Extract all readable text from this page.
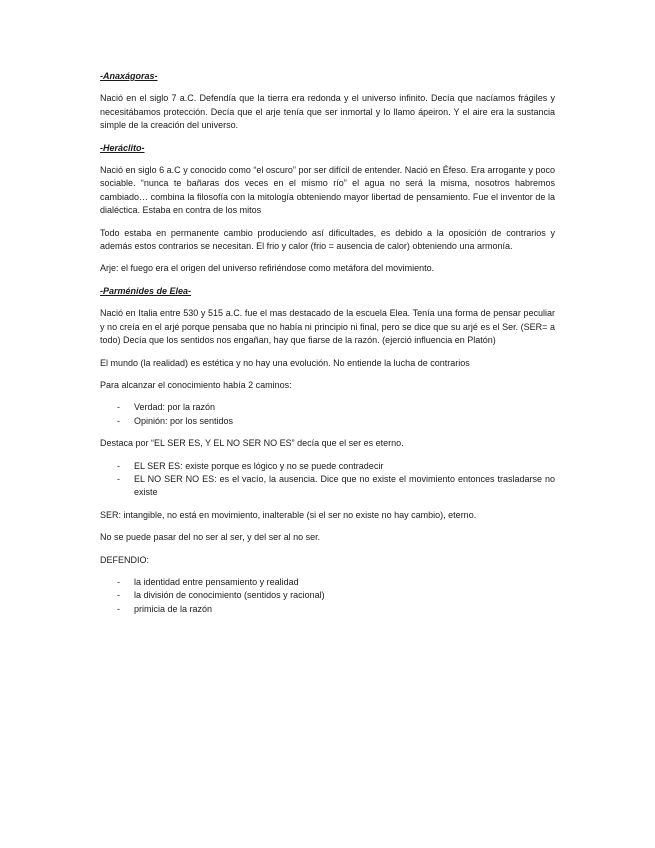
-Anaxágoras-

Nació en el siglo 7 a.C. Defendía que la tierra era redonda y el universo infinito. Decía que nacíamos frágiles y necesitábamos protección. Decía que el arje tenía que ser inmortal y lo llamo ápeiron. Y el aire era la sustancia simple de la creación del universo.

-Heráclito-

Nació en siglo 6 a.C y conocido como “el oscuro” por ser difícil de entender. Nació en Éfeso. Era arrogante y poco sociable. “nunca te bañaras dos veces en el mismo río” el agua no será la misma, nosotros habremos cambiado… combina la filosofía con la mitología obteniendo mayor libertad de pensamiento. Fue el inventor de la dialéctica. Estaba en contra de los mitos

Todo estaba en permanente cambio produciendo así dificultades, es debido a la oposición de contrarios y además estos contrarios se necesitan. El frio y calor (frio = ausencia de calor) obteniendo una armonía.

Arje: el fuego era el origen del universo refiriéndose como metáfora del movimiento.

-Parménides de Elea-

Nació en Italia entre 530 y 515 a.C. fue el mas destacado de la escuela Elea. Tenía una forma de pensar peculiar y no creía en el arjé porque pensaba que no había ni principio ni final, pero se dice que su arjé es el Ser. (SER= a todo) Decía que los sentidos nos engañan, hay que fiarse de la razón. (ejerció influencia en Platón)

El mundo (la realidad) es estética y no hay una evolución. No entiende la lucha de contrarios

Para alcanzar el conocimiento había 2 caminos:

- Verdad: por la razón
- Opinión: por los sentidos

Destaca por “EL SER ES, Y EL NO SER NO ES” decía que el ser es eterno.

- EL SER ES: existe porque es lógico y no se puede contradecir
- EL NO SER NO ES: es el vacío, la ausencia. Dice que no existe el movimiento entonces trasladarse no existe

SER: intangible, no está en movimiento, inalterable (si el ser no existe no hay cambio), eterno.

No se puede pasar del no ser al ser, y del ser al no ser.

DEFENDIO:

- la identidad entre pensamiento y realidad
- la división de conocimiento (sentidos y racional)
- primicia de la razón
